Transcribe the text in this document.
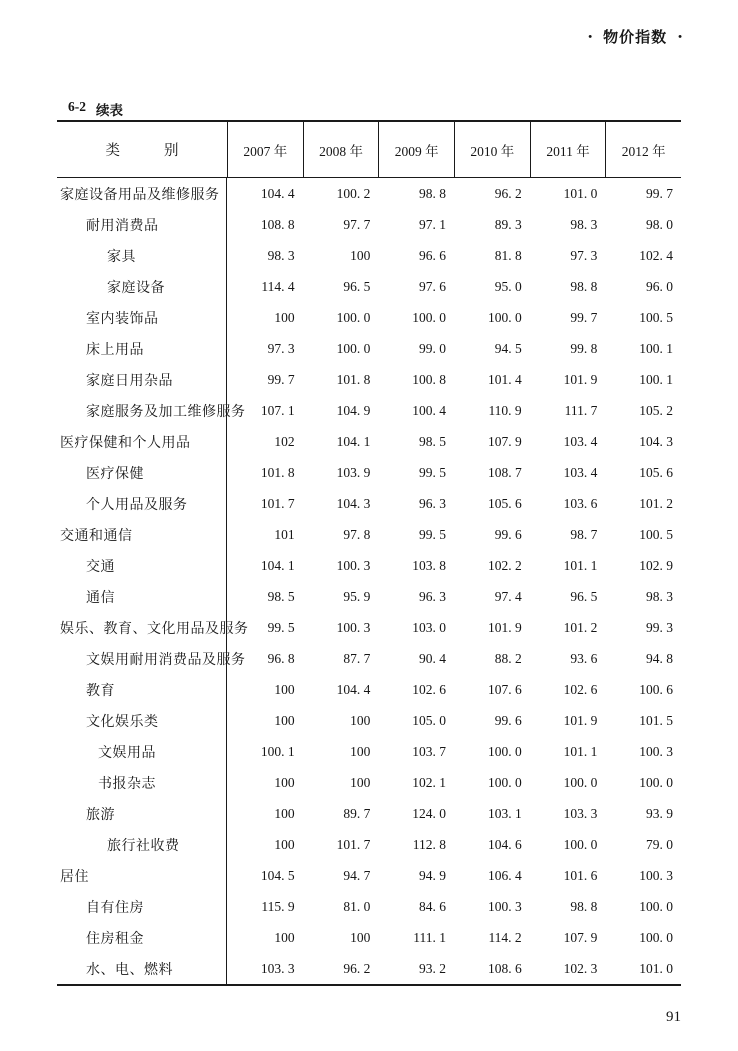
• 物价指数 •
6-2 续表
类	别	2007 年	2008 年	2009 年	2010 年	2011 年	2012 年
家庭设备用品及维修服务	104. 4	100. 2	98. 8	96. 2	101. 0	99. 7
耐用消费品	108. 8	97. 7	97. 1	89. 3	98. 3	98. 0
家具	98. 3	100	96. 6	81. 8	97. 3	102. 4
家庭设备	114. 4	96. 5	97. 6	95. 0	98. 8	96. 0
室内装饰品	100	100. 0	100. 0	100. 0	99. 7	100. 5
床上用品	97. 3	100. 0	99. 0	94. 5	99. 8	100. 1
家庭日用杂品	99. 7	101. 8	100. 8	101. 4	101. 9	100. 1
家庭服务及加工维修服务	107. 1	104. 9	100. 4	110. 9	111. 7	105. 2
医疗保健和个人用品	102	104. 1	98. 5	107. 9	103. 4	104. 3
医疗保健	101. 8	103. 9	99. 5	108. 7	103. 4	105. 6
个人用品及服务	101. 7	104. 3	96. 3	105. 6	103. 6	101. 2
交通和通信	101	97. 8	99. 5	99. 6	98. 7	100. 5
交通	104. 1	100. 3	103. 8	102. 2	101. 1	102. 9
通信	98. 5	95. 9	96. 3	97. 4	96. 5	98. 3
娱乐、教育、文化用品及服务	99. 5	100. 3	103. 0	101. 9	101. 2	99. 3
文娱用耐用消费品及服务	96. 8	87. 7	90. 4	88. 2	93. 6	94. 8
教育	100	104. 4	102. 6	107. 6	102. 6	100. 6
文化娱乐类	100	100	105. 0	99. 6	101. 9	101. 5
文娱用品	100. 1	100	103. 7	100. 0	101. 1	100. 3
书报杂志	100	100	102. 1	100. 0	100. 0	100. 0
旅游	100	89. 7	124. 0	103. 1	103. 3	93. 9
旅行社收费	100	101. 7	112. 8	104. 6	100. 0	79. 0
居住	104. 5	94. 7	94. 9	106. 4	101. 6	100. 3
自有住房	115. 9	81. 0	84. 6	100. 3	98. 8	100. 0
住房租金	100	100	111. 1	114. 2	107. 9	100. 0
水、电、燃料	103. 3	96. 2	93. 2	108. 6	102. 3	101. 0
91
